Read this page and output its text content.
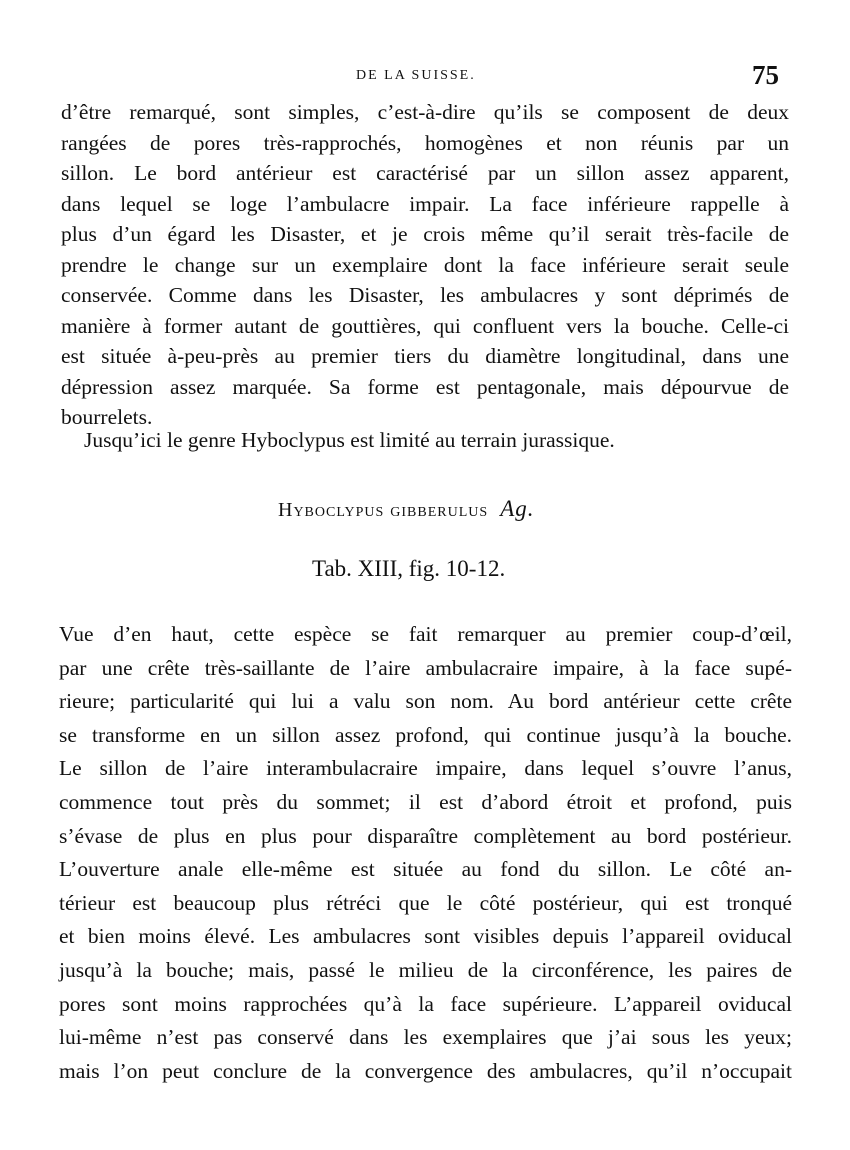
DE LA SUISSE.	75
d’être remarqué, sont simples, c’est-à-dire qu’ils se composent de deux
rangées de pores très-rapprochés, homogènes et non réunis par un
sillon. Le bord antérieur est caractérisé par un sillon assez apparent,
dans lequel se loge l’ambulacre impair. La face inférieure rappelle à
plus d’un égard les Disaster, et je crois même qu’il serait très-facile de
prendre le change sur un exemplaire dont la face inférieure serait seule
conservée. Comme dans les Disaster, les ambulacres y sont déprimés de
manière à former autant de gouttières, qui confluent vers la bouche. Celle-ci
est située à-peu-près au premier tiers du diamètre longitudinal, dans une
dépression assez marquée. Sa forme est pentagonale, mais dépourvue de
bourrelets.
Jusqu’ici le genre Hyboclypus est limité au terrain jurassique.
Hyboclypus gibberulus Ag.
Tab. XIII, fig. 10-12.
Vue d’en haut, cette espèce se fait remarquer au premier coup-d’œil,
par une crête très-saillante de l’aire ambulacraire impaire, à la face supé-
rieure; particularité qui lui a valu son nom. Au bord antérieur cette crête
se transforme en un sillon assez profond, qui continue jusqu’à la bouche.
Le sillon de l’aire interambulacraire impaire, dans lequel s’ouvre l’anus,
commence tout près du sommet; il est d’abord étroit et profond, puis
s’évase de plus en plus pour disparaître complètement au bord postérieur.
L’ouverture anale elle-même est située au fond du sillon. Le côté an-
térieur est beaucoup plus rétréci que le côté postérieur, qui est tronqué
et bien moins élevé. Les ambulacres sont visibles depuis l’appareil oviducal
jusqu’à la bouche; mais, passé le milieu de la circonférence, les paires de
pores sont moins rapprochées qu’à la face supérieure. L’appareil oviducal
lui-même n’est pas conservé dans les exemplaires que j’ai sous les yeux;
mais l’on peut conclure de la convergence des ambulacres, qu’il n’occupait
